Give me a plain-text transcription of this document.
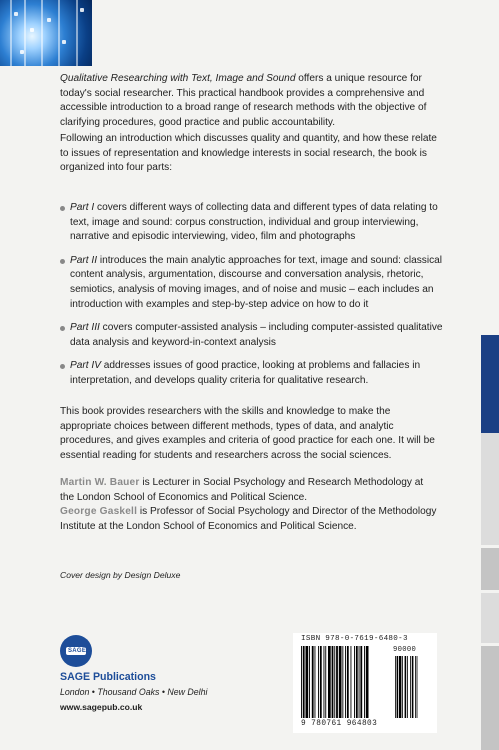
Qualitative Researching with Text, Image and Sound offers a unique resource for today's social researcher. This practical handbook provides a comprehensive and accessible introduction to a broad range of research methods with the objective of clarifying procedures, good practice and public accountability.
Following an introduction which discusses quality and quantity, and how these relate to issues of representation and knowledge interests in social research, the book is organized into four parts:
Part I covers different ways of collecting data and different types of data relating to text, image and sound: corpus construction, individual and group interviewing, narrative and episodic interviewing, video, film and photographs
Part II introduces the main analytic approaches for text, image and sound: classical content analysis, argumentation, discourse and conversation analysis, rhetoric, semiotics, analysis of moving images, and of noise and music – each includes an introduction with examples and step-by-step advice on how to do it
Part III covers computer-assisted analysis – including computer-assisted qualitative data analysis and keyword-in-context analysis
Part IV addresses issues of good practice, looking at problems and fallacies in interpretation, and develops quality criteria for qualitative research.
This book provides researchers with the skills and knowledge to make the appropriate choices between different methods, types of data, and analytic procedures, and gives examples and criteria of good practice for each one. It will be essential reading for students and researchers across the social sciences.
Martin W. Bauer is Lecturer in Social Psychology and Research Methodology at the London School of Economics and Political Science.
George Gaskell is Professor of Social Psychology and Director of the Methodology Institute at the London School of Economics and Political Science.
Cover design by Design Deluxe
SAGE
SAGE Publications
London • Thousand Oaks • New Delhi
www.sagepub.co.uk
ISBN 978-0-7619-6480-3
90000
9 780761 964803
